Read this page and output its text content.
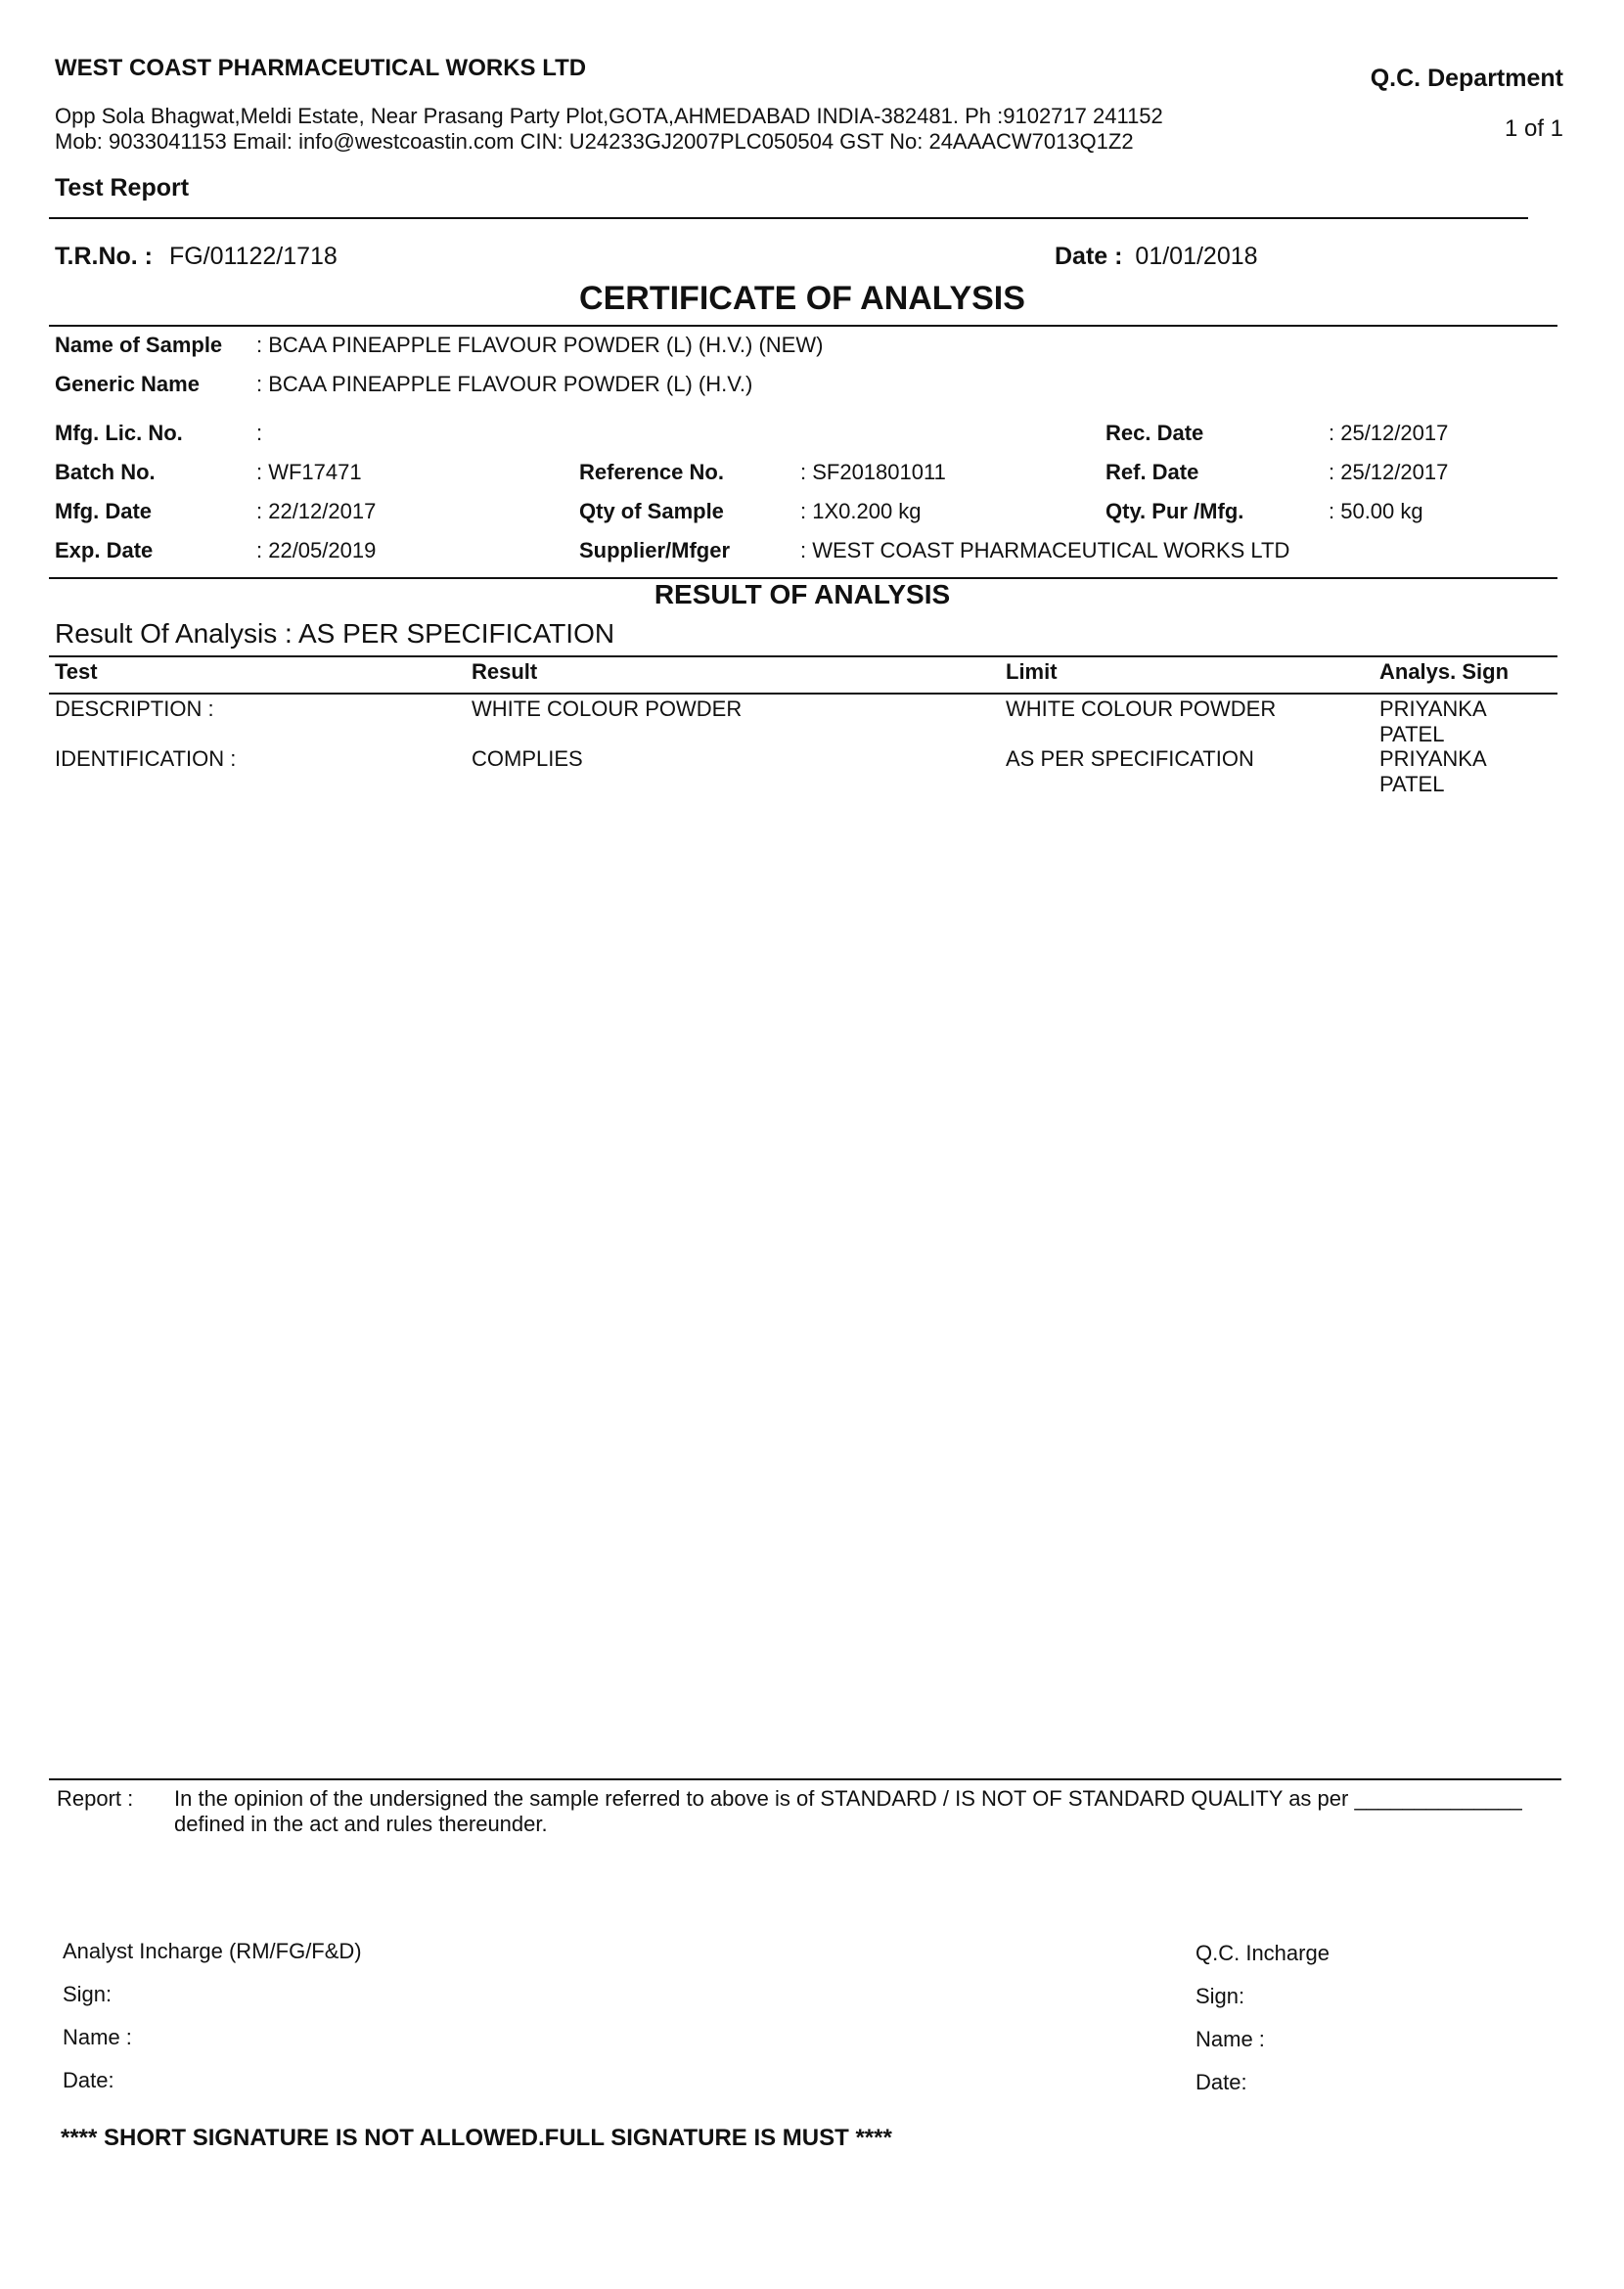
WEST COAST PHARMACEUTICAL WORKS LTD	Q.C. Department
Opp Sola Bhagwat,Meldi Estate, Near Prasang Party Plot,GOTA,AHMEDABAD INDIA-382481. Ph :9102717 241152
Mob: 9033041153 Email: info@westcoastin.com CIN: U24233GJ2007PLC050504 GST No: 24AAACW7013Q1Z2	1 of 1
Test Report
T.R.No. : FG/01122/1718	Date : 01/01/2018
CERTIFICATE OF ANALYSIS
Name of Sample : BCAA PINEAPPLE FLAVOUR POWDER (L) (H.V.) (NEW)
Generic Name	: BCAA PINEAPPLE FLAVOUR POWDER (L) (H.V.)
Mfg. Lic. No.	:	Rec. Date	: 25/12/2017
Batch No.	: WF17471	Reference No.	: SF201801011	Ref. Date	: 25/12/2017
Mfg. Date	: 22/12/2017	Qty of Sample	: 1X0.200 kg	Qty. Pur /Mfg.	: 50.00 kg
Exp. Date	: 22/05/2019	Supplier/Mfger	: WEST COAST PHARMACEUTICAL WORKS LTD
RESULT OF ANALYSIS
Result Of Analysis : AS PER SPECIFICATION
Test	Result	Limit	Analys. Sign
DESCRIPTION :	WHITE COLOUR POWDER	WHITE COLOUR POWDER	PRIYANKA PATEL
IDENTIFICATION :	COMPLIES	AS PER SPECIFICATION	PRIYANKA PATEL
Report : In the opinion of the undersigned the sample referred to above is of STANDARD / IS NOT OF STANDARD QUALITY as per ______________
defined in the act and rules thereunder.
Analyst Incharge (RM/FG/F&D)
Sign:
Name :
Date:
Q.C. Incharge
Sign:
Name :
Date:
**** SHORT SIGNATURE IS NOT ALLOWED.FULL SIGNATURE IS MUST ****
